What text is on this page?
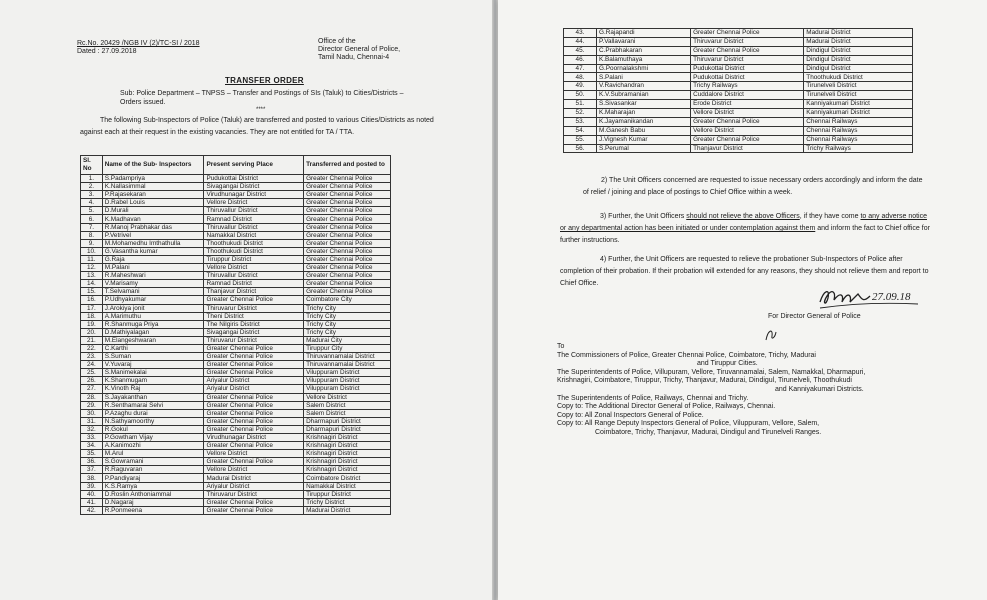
Rc.No. 20429 /NGB IV (2)/TC-SI / 2018
Dated : 27.09.2018
Office of the
Director General of Police,
Tamil Nadu, Chennai-4
TRANSFER ORDER
Sub: Police Department – TNPSS – Transfer and Postings of SIs (Taluk) to Cities/Districts – Orders issued.
****
The following Sub-Inspectors of Police (Taluk) are transferred and posted to various Cities/Districts as noted against each at their request in the existing vacancies. They are not entitled for TA / TTA.
Sl. No	Name of the Sub- Inspectors	Present serving Place	Transferred and posted to
1.	S.Padampriya	Pudukottai District	Greater Chennai Police
2.	K.Nallasimmal	Sivagangai District	Greater Chennai Police
3.	P.Rajasekaran	Virudhunagar District	Greater Chennai Police
4.	D.Rabel Louis	Vellore District	Greater Chennai Police
5.	D.Murali	Thiruvallur District	Greater Chennai Police
6.	K.Madhavan	Ramnad District	Greater Chennai Police
7.	R.Manoj Prabhakar das	Thiruvallur District	Greater Chennai Police
8.	P.Vetrivel	Namakkal District	Greater Chennai Police
9.	M.Mohamedhu Imthathulla	Thoothukudi District	Greater Chennai Police
10.	G.Vasantha kumar	Thoothukudi District	Greater Chennai Police
11.	G.Raja	Tiruppur District	Greater Chennai Police
12.	M.Palani	Vellore District	Greater Chennai Police
13.	R.Maheshwari	Thiruvallur District	Greater Chennai Police
14.	V.Marisamy	Ramnad District	Greater Chennai Police
15.	T.Selvamani	Thanjavur District	Greater Chennai Police
16.	P.Udhyakumar	Greater Chennai Police	Coimbatore City
17.	J.Arokiya jonit	Thiruvarur District	Trichy City
18.	A.Marimuthu	Theni District	Trichy City
19.	R.Shanmuga Priya	The Nilgiris District	Trichy City
20.	D.Mathiyalagan	Sivagangai District	Trichy City
21.	M.Elangeshwaran	Thiruvarur District	Madurai City
22.	C.Karthi	Greater Chennai Police	Tiruppur City
23.	S.Suman	Greater Chennai Police	Thiruvannamalai District
24.	V.Yuvaraj	Greater Chennai Police	Thiruvannamalai District
25.	S.Manimekalai	Greater Chennai Police	Viluppuram District
26.	K.Shanmugam	Ariyalur District	Viluppuram District
27.	K.Vinoth Raj	Ariyalur District	Viluppuram District
28.	S.Jayakanthan	Greater Chennai Police	Vellore District
29.	R.Senthamarai Selvi	Greater Chennai Police	Salem District
30.	P.Azaghu durai	Greater Chennai Police	Salem District
31.	N.Sathyamoorthy	Greater Chennai Police	Dharmapuri District
32.	R.Gokul	Greater Chennai Police	Dharmapuri District
33.	P.Gowtham Vijay	Virudhunagar District	Krishnagiri District
34.	A.Kanimozhi	Greater Chennai Police	Krishnagiri District
35.	M.Arul	Vellore District	Krishnagiri District
36.	S.Gowramani	Greater Chennai Police	Krishnagiri District
37.	R.Raguvaran	Vellore District	Krishnagiri District
38.	P.Pandiyaraj	Madurai District	Coimbatore District
39.	K.S.Ramya	Ariyalur District	Namakkal District
40.	D.Roslin Anthoniammal	Thiruvarur District	Tiruppur District
41.	D.Nagaraj	Greater Chennai Police	Trichy District
42.	R.Ponmeena	Greater Chennai Police	Madurai District
43.	G.Rajapandi	Greater Chennai Police	Madurai District
44.	P.Vallavarani	Thiruvarur District	Madurai District
45.	C.Prabhakaran	Greater Chennai Police	Dindigul District
46.	K.Balamuthaya	Thiruvarur District	Dindigul District
47.	G.Poornalakshmi	Pudukottai District	Dindigul District
48.	S.Palani	Pudukottai District	Thoothukudi District
49.	V.Ravichandran	Trichy Railways	Tirunelveli District
50.	K.V.Subramanian	Cuddalore District	Tirunelveli District
51.	S.Sivasankar	Erode District	Kanniyakumari District
52.	K.Maharajan	Vellore District	Kanniyakumari District
53.	K.Jayamanikandan	Greater Chennai Police	Chennai Railways
54.	M.Ganesh Babu	Vellore District	Chennai Railways
55.	J.Vignesh Kumar	Greater Chennai Police	Chennai Railways
56.	S.Perumal	Thanjavur District	Trichy Railways
2) The Unit Officers concerned are requested to issue necessary orders accordingly and inform the date of relief / joining and place of postings to Chief Office within a week.
3) Further, the Unit Officers should not relieve the above Officers, if they have come to any adverse notice or any departmental action has been initiated or under contemplation against them and inform the fact to Chief office for further instructions.
4) Further, the Unit Officers are requested to relieve the probationer Sub-Inspectors of Police after completion of their probation. If their probation will extended for any reasons, they should not relieve them and report to Chief Office.
27.09.18
For Director General of Police
To
The Commissioners of Police, Greater Chennai Police, Coimbatore, Trichy, Madurai
and Tiruppur Cities.
The Superintendents of Police, Villupuram, Vellore, Tiruvannamalai, Salem, Namakkal, Dharmapuri,
Krishnagiri, Coimbatore, Tiruppur, Trichy, Thanjavur, Madurai, Dindigul, Tirunelveli, Thoothukudi
and Kanniyakumari Districts.
The Superintendents of Police, Railways, Chennai and Trichy.
Copy to: The Additional Director General of Police, Railways, Chennai.
Copy to: All Zonal Inspectors General of Police.
Copy to: All Range Deputy Inspectors General of Police, Viluppuram, Vellore, Salem,
Coimbatore, Trichy, Thanjavur, Madurai, Dindigul and Tirunelveli Ranges.
